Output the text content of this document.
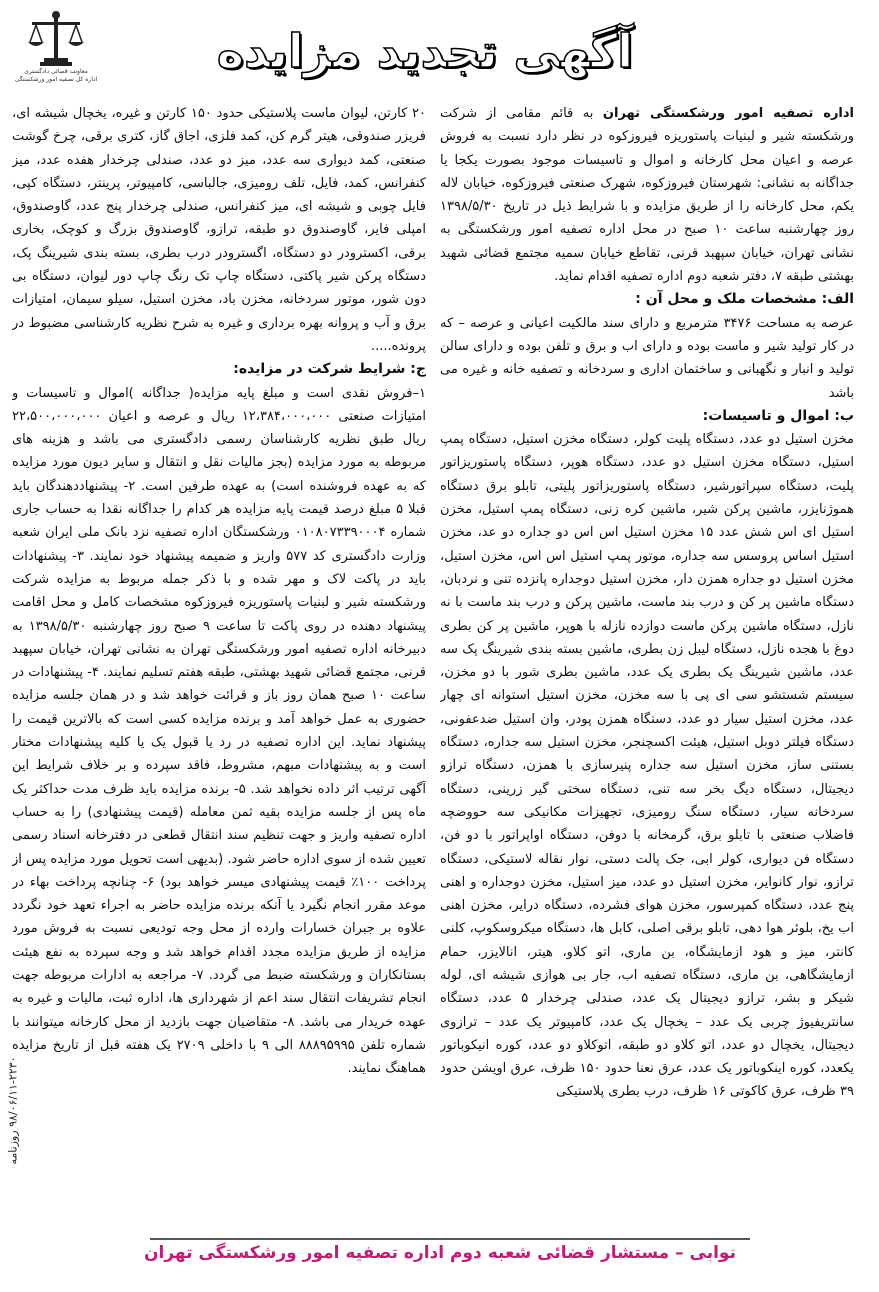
معاونت قضائی دادگستری
اداره کل تصفیه امور ورشکستگی
آگهی تجدید مزایده

اداره تصفیه امور ورشکستگی تهران به قائم مقامی از شرکت ورشکسته شیر و لبنیات پاستوریزه فیروزکوه در نظر دارد نسبت به فروش عرصه و اعیان محل کارخانه و اموال و تاسیسات موجود بصورت یکجا یا جداگانه به نشانی: شهرستان فیروزکوه، شهرک صنعتی فیروزکوه، خیابان لاله یکم، محل کارخانه را از طریق مزایده و با شرایط ذیل در تاریخ ۱۳۹۸/۵/۳۰ روز چهارشنبه ساعت ۱۰ صبح در محل اداره تصفیه امور ورشکستگی به نشانی تهران، خیابان سپهبد قرنی، تقاطع خیابان سمیه مجتمع قضائی شهید بهشتی طبقه ۷، دفتر شعبه دوم اداره تصفیه اقدام نماید.

الف: مشخصات ملک و محل آن :

عرصه به مساحت ۳۴۷۶ مترمربع و دارای سند مالکیت اعیانی و عرصه – که در کار تولید شیر و ماست بوده و دارای اب و برق و تلفن بوده و دارای سالن تولید و انبار و نگهبانی و ساختمان اداری و سردخانه و تصفیه خانه و غیره می باشد

ب: اموال و تاسیسات:

مخزن استیل دو عدد، دستگاه پلیت کولر، دستگاه مخزن استیل، دستگاه پمپ استیل، دستگاه مخزن استیل دو عدد، دستگاه هوپر، دستگاه پاستوریزاتور پلیت، دستگاه سپراتورشیر، دستگاه پاستوریزاتور پلیتی، تابلو برق دستگاه هموژنایزر، ماشین پرکن شیر، ماشین کره زنی، دستگاه پمپ استیل، مخزن استیل ای اس شش عدد ۱۵ مخزن استیل اس اس دو جداره دو عد، مخزن استیل اساس پروسس سه جداره، موتور پمپ استیل اس اس، مخزن استیل، مخزن استیل دو جداره همزن دار، مخزن استیل دوجداره پانزده تنی و نردبان، دستگاه ماشین پر کن و درب بند ماست، ماشین پرکن و درب بند ماست با نه نازل، دستگاه ماشین پرکن ماست دوازده نازله با هوپر، ماشین پر کن بطری دوغ با هجده نازل، دستگاه لیبل زن بطری، ماشین بسته بندی شیرینگ پک سه عدد، ماشین شیرینگ یک بطری یک عدد، ماشین بطری شور با دو مخزن، سیستم شستشو سی ای پی با سه مخزن، مخزن استیل استوانه ای چهار عدد، مخزن استیل سیار دو عدد، دستگاه همزن پودر، وان استیل ضدعفونی، دستگاه فیلتر دوبل استیل، هیئت اکسچنجر، مخزن استیل سه جداره، دستگاه بستنی ساز، مخزن استیل سه جداره پنیرسازی با همزن، دستگاه ترازو دیجیتال، دستگاه دیگ بخر سه تنی، دستگاه سختی گیر زرینی، دستگاه سردخانه سیار، دستگاه سنگ رومیزی، تجهیزات مکانیکی سه حووضچه فاضلاب صنعتی با تابلو برق، گرمخانه با دوفن، دستگاه اواپراتور با دو فن، دستگاه فن دیواری، کولر ابی، جک پالت دستی، نوار نقاله لاستیکی، دستگاه ترازو، نوار کانوایر، مخزن استیل دو عدد، میز استیل، مخزن دوجداره و اهنی پنج عدد، دستگاه کمپرسور، مخزن هوای فشرده، دستگاه درایر، مخزن اهنی اب یخ، بلوئر هوا دهی، تابلو برقی اصلی، کابل ها، دستگاه میکروسکوپ، کلنی کانتر، میز و هود ازمایشگاه، بن ماری، اتو کلاو، هیتر، انالایزر، حمام ازمایشگاهی، بن ماری، دستگاه تصفیه اب، جار بی هوازی شیشه ای، لوله شیکر و بشر، ترازو دیجیتال یک عدد، صندلی چرخدار ۵ عدد، دستگاه سانتریفیوژ چربی یک عدد – یخچال یک عدد، کامپیوتر یک عدد – ترازوی دیجیتال، یخچال دو عدد، اتو کلاو دو طبقه، اتوکلاو دو عدد، کوره انیکوباتور یکعدد، کوره اینکوباتور یک عدد، عرق نعنا حدود ۱۵۰ ظرف، عرق اویشن حدود ۳۹ ظرف، عرق کاکوتی ۱۶ ظرف، درب بطری پلاستیکی

۲۰ کارتن، لیوان ماست پلاستیکی حدود ۱۵۰ کارتن و غیره، یخچال شیشه ای، فریزر صندوقی، هیتر گرم کن، کمد فلزی، اجاق گاز، کتری برقی، چرخ گوشت صنعتی، کمد دیواری سه عدد، میز دو عدد، صندلی چرخدار هفده عدد، میز کنفرانس، کمد، فایل، تلف رومیزی، جالباسی، کامپیوتر، پرینتر، دستگاه کپی، فایل چوبی و شیشه ای، میز کنفرانس، صندلی چرخدار پنج عدد، گاوصندوق، امپلی فایر، گاوصندوق دو طبقه، ترازو، گاوصندوق بزرگ و کوچک، بخاری برقی، اکسترودر دو دستگاه، اگسترودر درب بطری، بسته بندی شیرینگ پک، دستگاه پرکن شیر پاکتی، دستگاه چاپ تک رنگ چاپ دور لیوان، دستگاه بی دون شور، موتور سردخانه، مخزن باد، مخزن استیل، سیلو سیمان، امتیازات برق و آب و پروانه بهره برداری و غیره به شرح نظریه کارشناسی مضبوط در پرونده.....

ج: شرایط شرکت در مزایده:

۱–فروش نقدی است و مبلغ پایه مزایده( جداگانه )اموال و تاسیسات و امتیازات صنعتی ۱۲،۳۸۴،۰۰۰،۰۰۰ ریال و عرصه و اعیان ۲۲،۵۰۰،۰۰۰،۰۰۰ ریال طبق نظریه کارشناسان رسمی دادگستری می باشد و هزینه های مربوطه به مورد مزایده (بجز مالیات نقل و انتقال و سایر دیون مورد مزایده که به عهده فروشنده است) به عهده طرفین است. ۲- پیشنهاددهندگان باید قبلا ۵ مبلغ درصد قیمت پایه مزایده هر کدام را جداگانه نقدا به حساب جاری شماره ۰۱۰۸۰۷۳۳۹۰۰۰۴ ورشکستگان اداره تصفیه نزد بانک ملی ایران شعبه وزارت دادگستری کد ۵۷۷ واریز و ضمیمه پیشنهاد خود نمایند. ۳- پیشنهادات باید در پاکت لاک و مهر شده و با ذکر جمله مربوط به مزایده شرکت ورشکسته شیر و لبنیات پاستوریزه فیروزکوه مشخصات کامل و محل اقامت پیشنهاد دهنده در روی پاکت تا ساعت ۹ صبح روز چهارشنبه ۱۳۹۸/۵/۳۰ به دبیرخانه اداره تصفیه امور ورشکستگی تهران به نشانی تهران، خیابان سپهبد قرنی، مجتمع قضائی شهید بهشتی، طبقه هفتم تسلیم نمایند. ۴- پیشنهادات در ساعت ۱۰ صبح همان روز باز و قرائت خواهد شد و در همان جلسه مزایده حضوری به عمل خواهد آمد و برنده مزایده کسی است که بالاترین قیمت را پیشنهاد نماید. این اداره تصفیه در رد یا قبول یک یا کلیه پیشنهادات مختار است و به پیشنهادات مبهم، مشروط، فاقد سپرده و بر خلاف شرایط این آگهی ترتیب اثر داده نخواهد شد. ۵- برنده مزایده باید ظرف مدت حداکثر یک ماه پس از جلسه مزایده بقیه ثمن معامله (قیمت پیشنهادی) را به حساب اداره تصفیه واریز و جهت تنظیم سند انتقال قطعی در دفترخانه اسناد رسمی تعیین شده از سوی اداره حاضر شود. (بدیهی است تحویل مورد مزایده پس از پرداخت ۱۰۰٪ قیمت پیشنهادی میسر خواهد بود) ۶- چنانچه پرداخت بهاء در موعد مقرر انجام نگیرد یا آنکه برنده مزایده حاضر به اجراء تعهد خود نگردد علاوه بر جبران خسارات وارده از محل وجه تودیعی نسبت به فروش مورد مزایده از طریق مزایده مجدد اقدام خواهد شد و وجه سپرده به نفع هیئت بستانکاران و ورشکسته ضبط می گردد. ۷- مراجعه به ادارات مربوطه جهت انجام تشریفات انتقال سند اعم از شهرداری ها، اداره ثبت، مالیات و غیره به عهده خریدار می باشد. ۸- متقاضیان جهت بازدید از محل کارخانه میتوانند با شماره تلفن ۸۸۸۹۵۹۹۵ الی ۹ با داخلی ۲۷۰۹ یک هفته قبل از تاریخ مزایده هماهنگ نمایند.

نوابی – مستشار قضائی شعبه دوم اداره تصفیه امور ورشکستگی تهران
۹۸/۰۶/۱۱-۲۲۳۰ روزنامه
